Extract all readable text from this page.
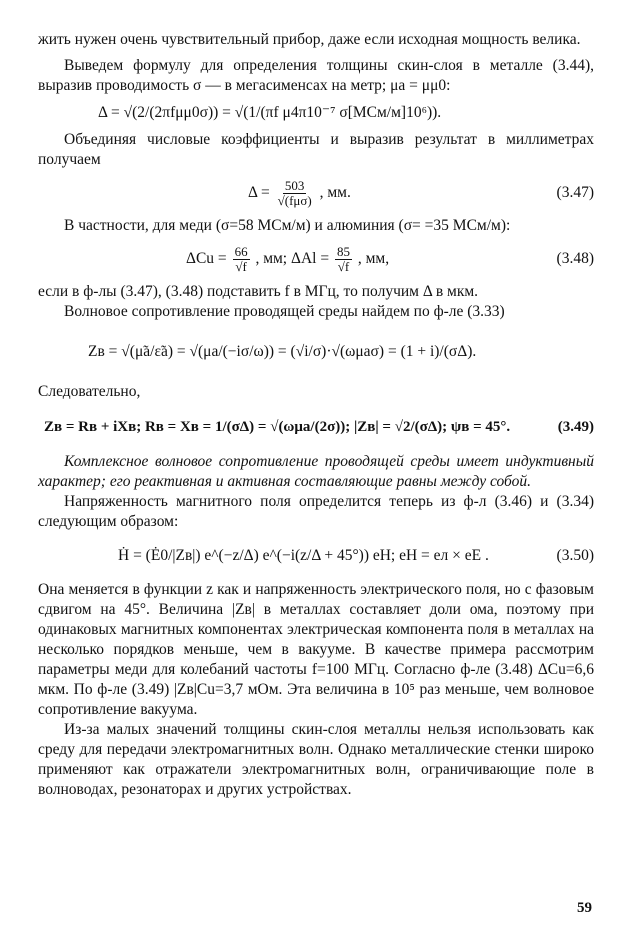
жить нужен очень чувствительный прибор, даже если исходная мощность велика.

Выведем формулу для определения толщины скин-слоя в металле (3.44), выразив проводимость σ — в мегасименсах на метр; μa = μμ0:

Δ = √(2/(2πfμμ0σ)) = √(1/(πf μ4π10⁻⁷ σ[МСм/м]10⁶)).

Объединяя числовые коэффициенты и выразив результат в миллиметрах получаем

$\Delta = \frac{503}{\text{√(fμσ)}}$ , мм.	(3.47)

В частности, для меди (σ=58 МСм/м) и алюминия (σ= =35 МСм/м):

$\Delta Cu = \frac{66}{√f}$ , мм; $\Delta Al = \frac{85}{√f}$ , мм,	(3.48)

если в ф-лы (3.47), (3.48) подставить f в МГц, то получим Δ в мкм.

Волновое сопротивление проводящей среды найдем по ф-ле (3.33)

Zв = √(μ̃a/ε̃a) = √(μa/(−iσ/ω)) = (√i/σ)·√(ωμaσ) = (1 + i)/(σΔ).

Следовательно,

Zв = Rв + iXв; Rв = Xв = 1/(σΔ) = √(ωμa/(2σ)); |Zв| = √2/(σΔ); ψв = 45°.	(3.49)

Комплексное волновое сопротивление проводящей среды имеет индуктивный характер; его реактивная и активная составляющие равны между собой.

Напряженность магнитного поля определится теперь из ф-л (3.46) и (3.34) следующим образом:

Ḣ = (Ė0/|Zв|) e^(−z/Δ) e^(−i(z/Δ + 45°)) eH; eH = eл × eE .	(3.50)

Она меняется в функции z как и напряженность электрического поля, но с фазовым сдвигом на 45°. Величина |Zв| в металлах составляет доли ома, поэтому при одинаковых магнитных компонентах электрическая компонента поля в металлах на несколько порядков меньше, чем в вакууме. В качестве примера рассмотрим параметры меди для колебаний частоты f=100 МГц. Согласно ф-ле (3.48) ΔCu=6,6 мкм. По ф-ле (3.49) |Zв|Cu=3,7 мОм. Эта величина в 10⁵ раз меньше, чем волновое сопротивление вакуума.

Из-за малых значений толщины скин-слоя металлы нельзя использовать как среду для передачи электромагнитных волн. Однако металлические стенки широко применяют как отражатели электромагнитных волн, ограничивающие поле в волноводах, резонаторах и других устройствах.

59
